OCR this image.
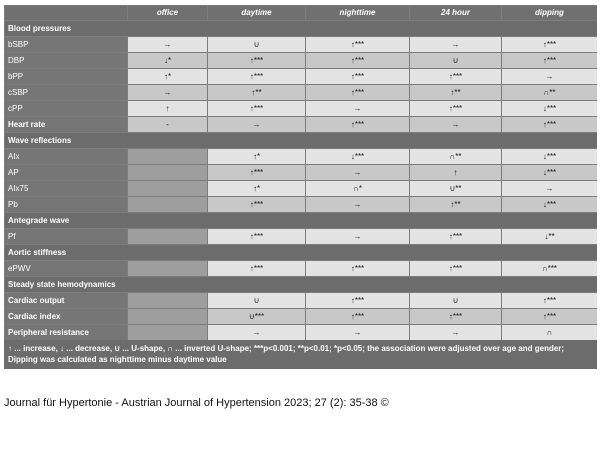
	office	daytime	nighttime	24 hour	dipping
Blood pressures					
bSBP	→	∪	↑***	→	↑***
DBP	↓*	↑***	↑***	∪	↑***
bPP	↑*	↑***	↑***	↑***	→
cSBP	→	↑**	↑***	↑**	∩**
cPP	↑	↑***	→	↑***	↓***
Heart rate	-	→	↑***	→	↑***
Wave reflections					
AIx		↑*	↓***	∩**	↓***
AP		↑***	→	↑	↓***
AIx75		↑*	∩*	∪**	→
Pb		↑***	→	↑**	↓***
Antegrade wave					
Pf		↑***	→	↑***	↓**
Aortic stiffness					
ePWV		↑***	↑***	↑***	∩***
Steady state hemodynamics					
Cardiac output		∪	↑***	∪	↑***
Cardiac index		∪***	↑***	↑***	↑***
Peripheral resistance		→	→	→	∩
↑ ... increase, ↓ ... decrease, ∪ ... U-shape, ∩ ... inverted U-shape; ***p<0.001; **p<0.01; *p<0.05; the association were adjusted over age and gender;
Dipping was calculated as nighttime minus daytime value
Journal für Hypertonie - Austrian Journal of Hypertension 2023; 27 (2): 35-38 ©
